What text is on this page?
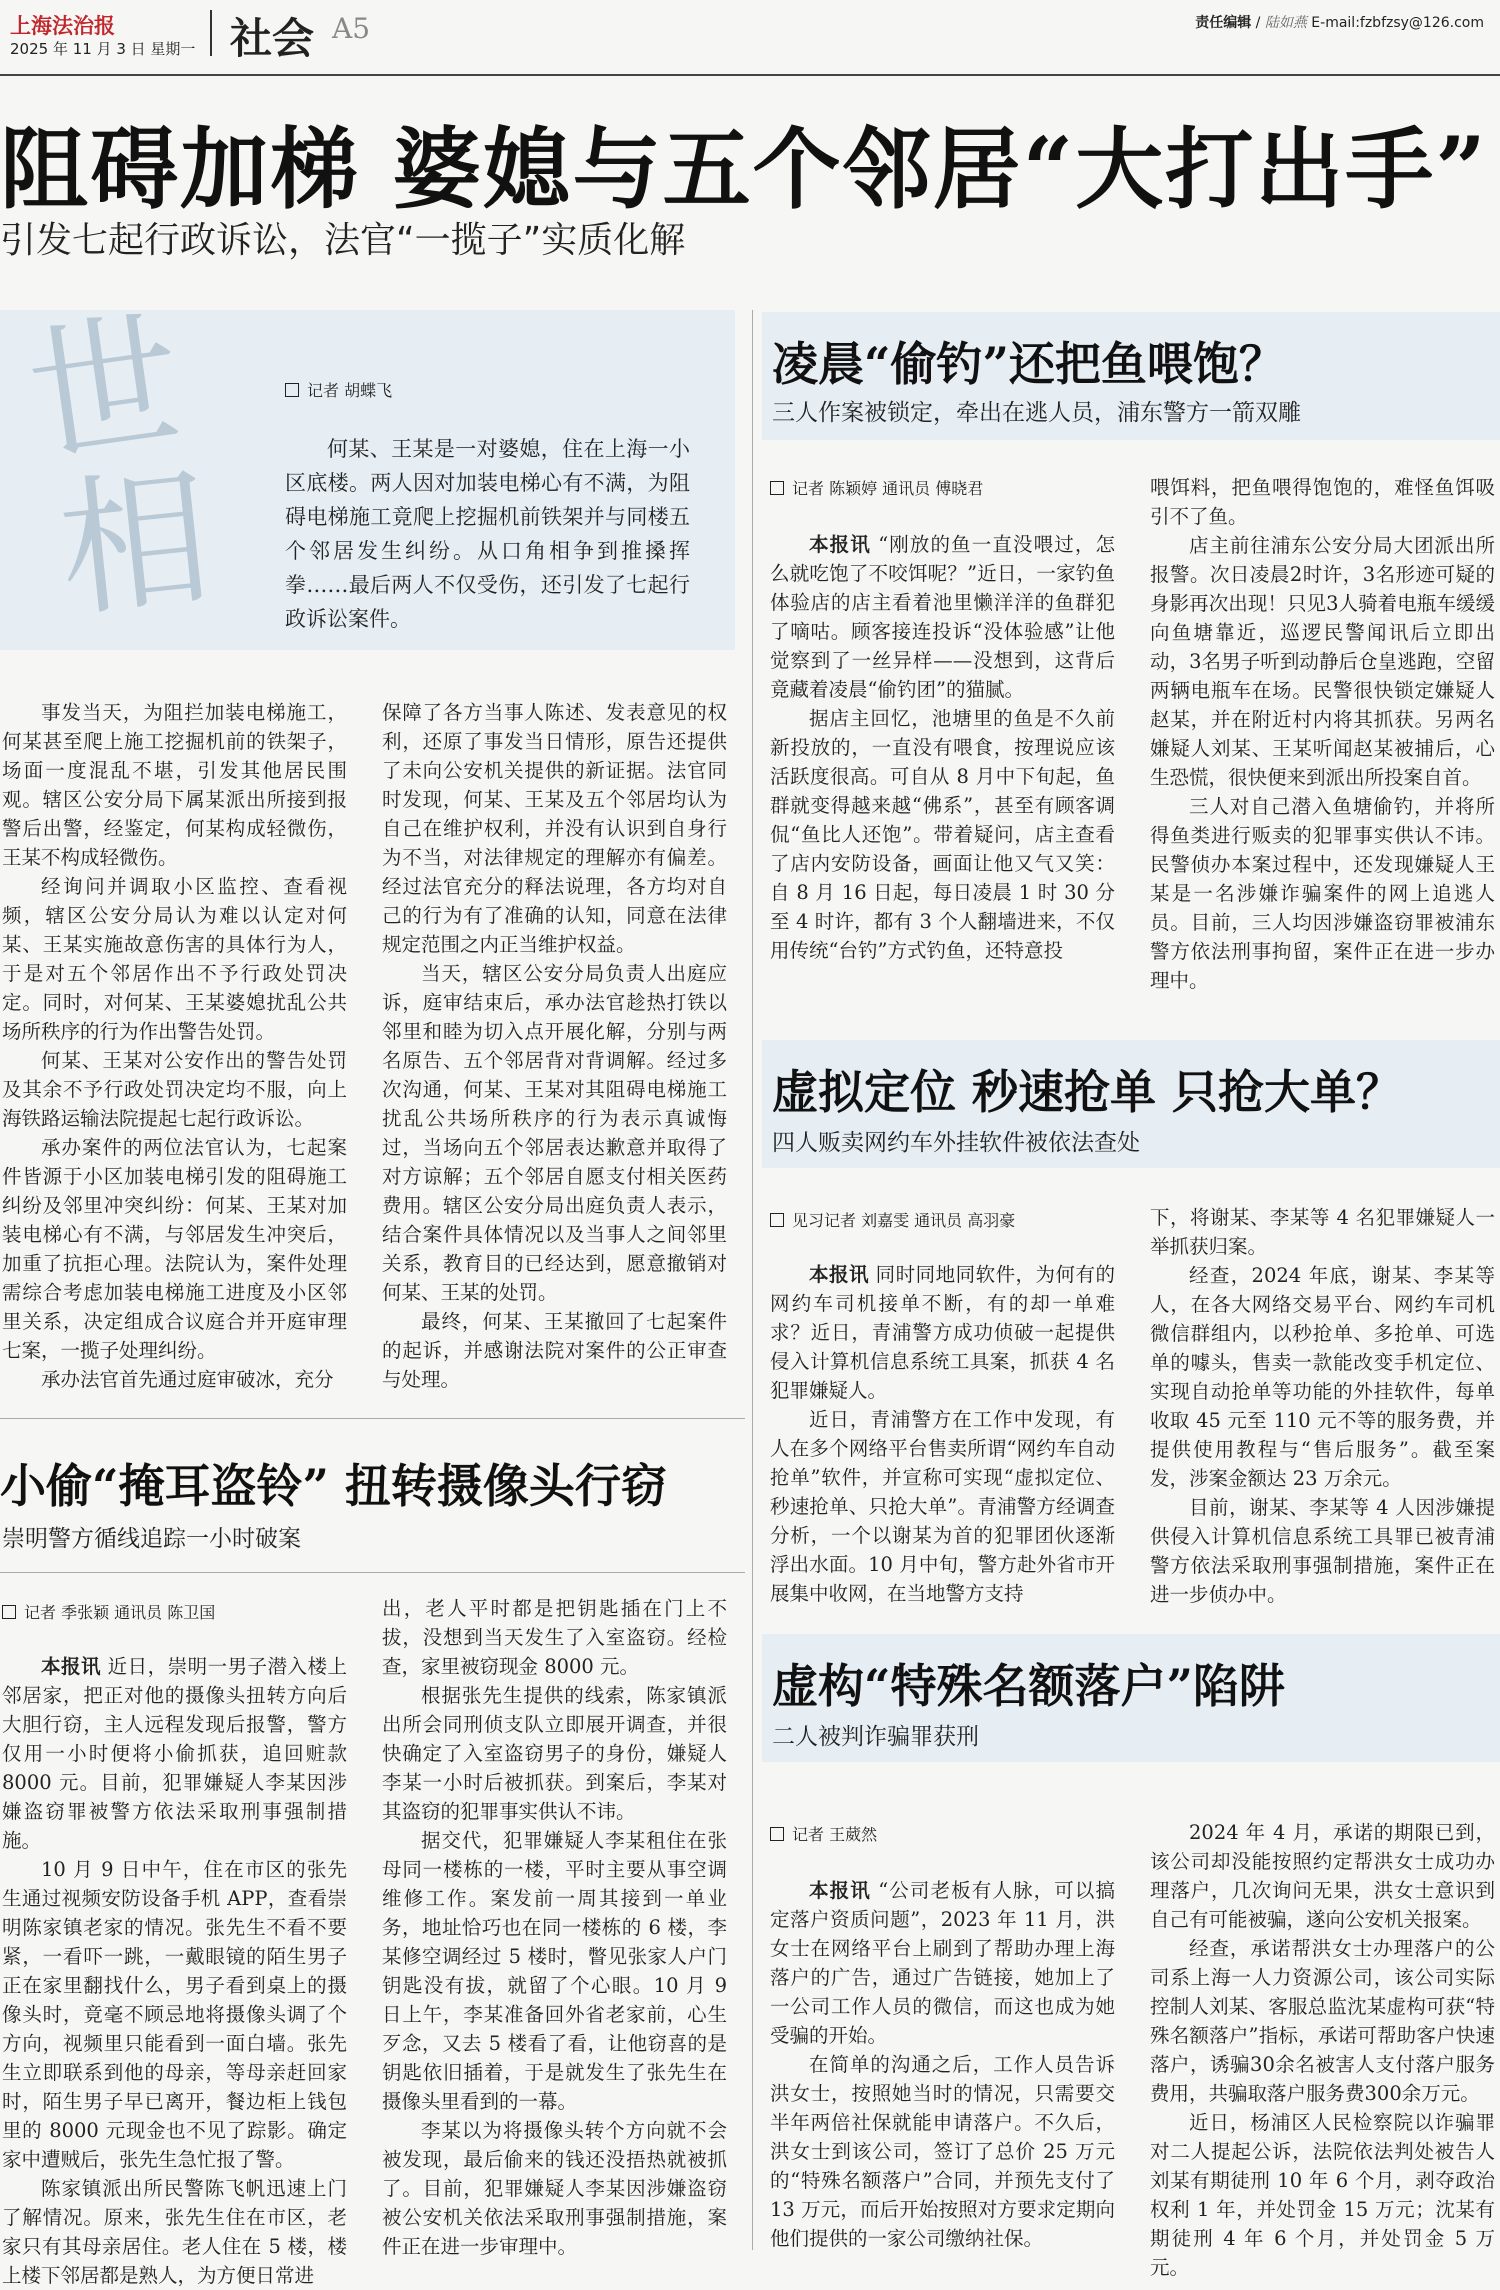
上海法治报
2025 年 11 月 3 日 星期一 社会 A5	责任编辑 / 陆如燕 E-mail:fzbfzsy@126.com
阻碍加梯 婆媳与五个邻居“大打出手”
引发七起行政诉讼，法官“一揽子”实质化解
世
相
记者 胡蝶飞

何某、王某是一对婆媳，住在上海一小区底楼。两人因对加装电梯心有不满，为阻碍电梯施工竟爬上挖掘机前铁架并与同楼五个邻居发生纠纷。从口角相争到推搡挥拳……最后两人不仅受伤，还引发了七起行政诉讼案件。

事发当天，为阻拦加装电梯施工，何某甚至爬上施工挖掘机前的铁架子，场面一度混乱不堪，引发其他居民围观。辖区公安分局下属某派出所接到报警后出警，经鉴定，何某构成轻微伤，王某不构成轻微伤。

经询问并调取小区监控、查看视频，辖区公安分局认为难以认定对何某、王某实施故意伤害的具体行为人，于是对五个邻居作出不予行政处罚决定。同时，对何某、王某婆媳扰乱公共场所秩序的行为作出警告处罚。

何某、王某对公安作出的警告处罚及其余不予行政处罚决定均不服，向上海铁路运输法院提起七起行政诉讼。

承办案件的两位法官认为，七起案件皆源于小区加装电梯引发的阻碍施工纠纷及邻里冲突纠纷：何某、王某对加装电梯心有不满，与邻居发生冲突后，加重了抗拒心理。法院认为，案件处理需综合考虑加装电梯施工进度及小区邻里关系，决定组成合议庭合并开庭审理七案，一揽子处理纠纷。

承办法官首先通过庭审破冰，充分

保障了各方当事人陈述、发表意见的权利，还原了事发当日情形，原告还提供了未向公安机关提供的新证据。法官同时发现，何某、王某及五个邻居均认为自己在维护权利，并没有认识到自身行为不当，对法律规定的理解亦有偏差。经过法官充分的释法说理，各方均对自己的行为有了准确的认知，同意在法律规定范围之内正当维护权益。

当天，辖区公安分局负责人出庭应诉，庭审结束后，承办法官趁热打铁以邻里和睦为切入点开展化解，分别与两名原告、五个邻居背对背调解。经过多次沟通，何某、王某对其阻碍电梯施工扰乱公共场所秩序的行为表示真诚悔过，当场向五个邻居表达歉意并取得了对方谅解；五个邻居自愿支付相关医药费用。辖区公安分局出庭负责人表示，结合案件具体情况以及当事人之间邻里关系，教育目的已经达到，愿意撤销对何某、王某的处罚。

最终，何某、王某撤回了七起案件的起诉，并感谢法院对案件的公正审查与处理。

凌晨“偷钓”还把鱼喂饱？
三人作案被锁定，牵出在逃人员，浦东警方一箭双雕
记者 陈颖婷 通讯员 傅晓君

本报讯 “刚放的鱼一直没喂过，怎么就吃饱了不咬饵呢？”近日，一家钓鱼体验店的店主看着池里懒洋洋的鱼群犯了嘀咕。顾客接连投诉“没体验感”让他觉察到了一丝异样——没想到，这背后竟藏着凌晨“偷钓团”的猫腻。

据店主回忆，池塘里的鱼是不久前新投放的，一直没有喂食，按理说应该活跃度很高。可自从 8 月中下旬起，鱼群就变得越来越“佛系”，甚至有顾客调侃“鱼比人还饱”。带着疑问，店主查看了店内安防设备，画面让他又气又笑：自 8 月 16 日起，每日凌晨 1 时 30 分至 4 时许，都有 3 个人翻墙进来，不仅用传统“台钓”方式钓鱼，还特意投

喂饵料，把鱼喂得饱饱的，难怪鱼饵吸引不了鱼。

店主前往浦东公安分局大团派出所报警。次日凌晨2时许，3名形迹可疑的身影再次出现！只见3人骑着电瓶车缓缓向鱼塘靠近，巡逻民警闻讯后立即出动，3名男子听到动静后仓皇逃跑，空留两辆电瓶车在场。民警很快锁定嫌疑人赵某，并在附近村内将其抓获。另两名嫌疑人刘某、王某听闻赵某被捕后，心生恐慌，很快便来到派出所投案自首。

三人对自己潜入鱼塘偷钓，并将所得鱼类进行贩卖的犯罪事实供认不讳。民警侦办本案过程中，还发现嫌疑人王某是一名涉嫌诈骗案件的网上追逃人员。目前，三人均因涉嫌盗窃罪被浦东警方依法刑事拘留，案件正在进一步办理中。

虚拟定位 秒速抢单 只抢大单？
四人贩卖网约车外挂软件被依法查处
见习记者 刘嘉雯 通讯员 高羽豪

本报讯 同时同地同软件，为何有的网约车司机接单不断，有的却一单难求？近日，青浦警方成功侦破一起提供侵入计算机信息系统工具案，抓获 4 名犯罪嫌疑人。

近日，青浦警方在工作中发现，有人在多个网络平台售卖所谓“网约车自动抢单”软件，并宣称可实现“虚拟定位、秒速抢单、只抢大单”。青浦警方经调查分析，一个以谢某为首的犯罪团伙逐渐浮出水面。10 月中旬，警方赴外省市开展集中收网，在当地警方支持

下，将谢某、李某等 4 名犯罪嫌疑人一举抓获归案。

经查，2024 年底，谢某、李某等人，在各大网络交易平台、网约车司机微信群组内，以秒抢单、多抢单、可选单的噱头，售卖一款能改变手机定位、实现自动抢单等功能的外挂软件，每单收取 45 元至 110 元不等的服务费，并提供使用教程与“售后服务”。截至案发，涉案金额达 23 万余元。

目前，谢某、李某等 4 人因涉嫌提供侵入计算机信息系统工具罪已被青浦警方依法采取刑事强制措施，案件正在进一步侦办中。

小偷“掩耳盗铃” 扭转摄像头行窃
崇明警方循线追踪一小时破案
记者 季张颖 通讯员 陈卫国

本报讯 近日，崇明一男子潜入楼上邻居家，把正对他的摄像头扭转方向后大胆行窃，主人远程发现后报警，警方仅用一小时便将小偷抓获，追回赃款 8000 元。目前，犯罪嫌疑人李某因涉嫌盗窃罪被警方依法采取刑事强制措施。

10 月 9 日中午，住在市区的张先生通过视频安防设备手机 APP，查看崇明陈家镇老家的情况。张先生不看不要紧，一看吓一跳，一戴眼镜的陌生男子正在家里翻找什么，男子看到桌上的摄像头时，竟毫不顾忌地将摄像头调了个方向，视频里只能看到一面白墙。张先生立即联系到他的母亲，等母亲赶回家时，陌生男子早已离开，餐边柜上钱包里的 8000 元现金也不见了踪影。确定家中遭贼后，张先生急忙报了警。

陈家镇派出所民警陈飞帆迅速上门了解情况。原来，张先生住在市区，老家只有其母亲居住。老人住在 5 楼，楼上楼下邻居都是熟人，为方便日常进

出，老人平时都是把钥匙插在门上不拔，没想到当天发生了入室盗窃。经检查，家里被窃现金 8000 元。

根据张先生提供的线索，陈家镇派出所会同刑侦支队立即展开调查，并很快确定了入室盗窃男子的身份，嫌疑人李某一小时后被抓获。到案后，李某对其盗窃的犯罪事实供认不讳。

据交代，犯罪嫌疑人李某租住在张母同一楼栋的一楼，平时主要从事空调维修工作。案发前一周其接到一单业务，地址恰巧也在同一楼栋的 6 楼，李某修空调经过 5 楼时，瞥见张家人户门钥匙没有拔，就留了个心眼。10 月 9 日上午，李某准备回外省老家前，心生歹念，又去 5 楼看了看，让他窃喜的是钥匙依旧插着，于是就发生了张先生在摄像头里看到的一幕。

李某以为将摄像头转个方向就不会被发现，最后偷来的钱还没捂热就被抓了。目前，犯罪嫌疑人李某因涉嫌盗窃被公安机关依法采取刑事强制措施，案件正在进一步审理中。

虚构“特殊名额落户”陷阱
二人被判诈骗罪获刑
记者 王葳然

本报讯 “公司老板有人脉，可以搞定落户资质问题”，2023 年 11 月，洪女士在网络平台上刷到了帮助办理上海落户的广告，通过广告链接，她加上了一公司工作人员的微信，而这也成为她受骗的开始。

在简单的沟通之后，工作人员告诉洪女士，按照她当时的情况，只需要交半年两倍社保就能申请落户。不久后，洪女士到该公司，签订了总价 25 万元的“特殊名额落户”合同，并预先支付了 13 万元，而后开始按照对方要求定期向他们提供的一家公司缴纳社保。

2024 年 4 月，承诺的期限已到，该公司却没能按照约定帮洪女士成功办理落户，几次询问无果，洪女士意识到自己有可能被骗，遂向公安机关报案。

经查，承诺帮洪女士办理落户的公司系上海一人力资源公司，该公司实际控制人刘某、客服总监沈某虚构可获“特殊名额落户”指标，承诺可帮助客户快速落户，诱骗30余名被害人支付落户服务费用，共骗取落户服务费300余万元。

近日，杨浦区人民检察院以诈骗罪对二人提起公诉，法院依法判处被告人刘某有期徒刑 10 年 6 个月，剥夺政治权利 1 年，并处罚金 15 万元；沈某有期徒刑 4 年 6 个月，并处罚金 5 万元。
